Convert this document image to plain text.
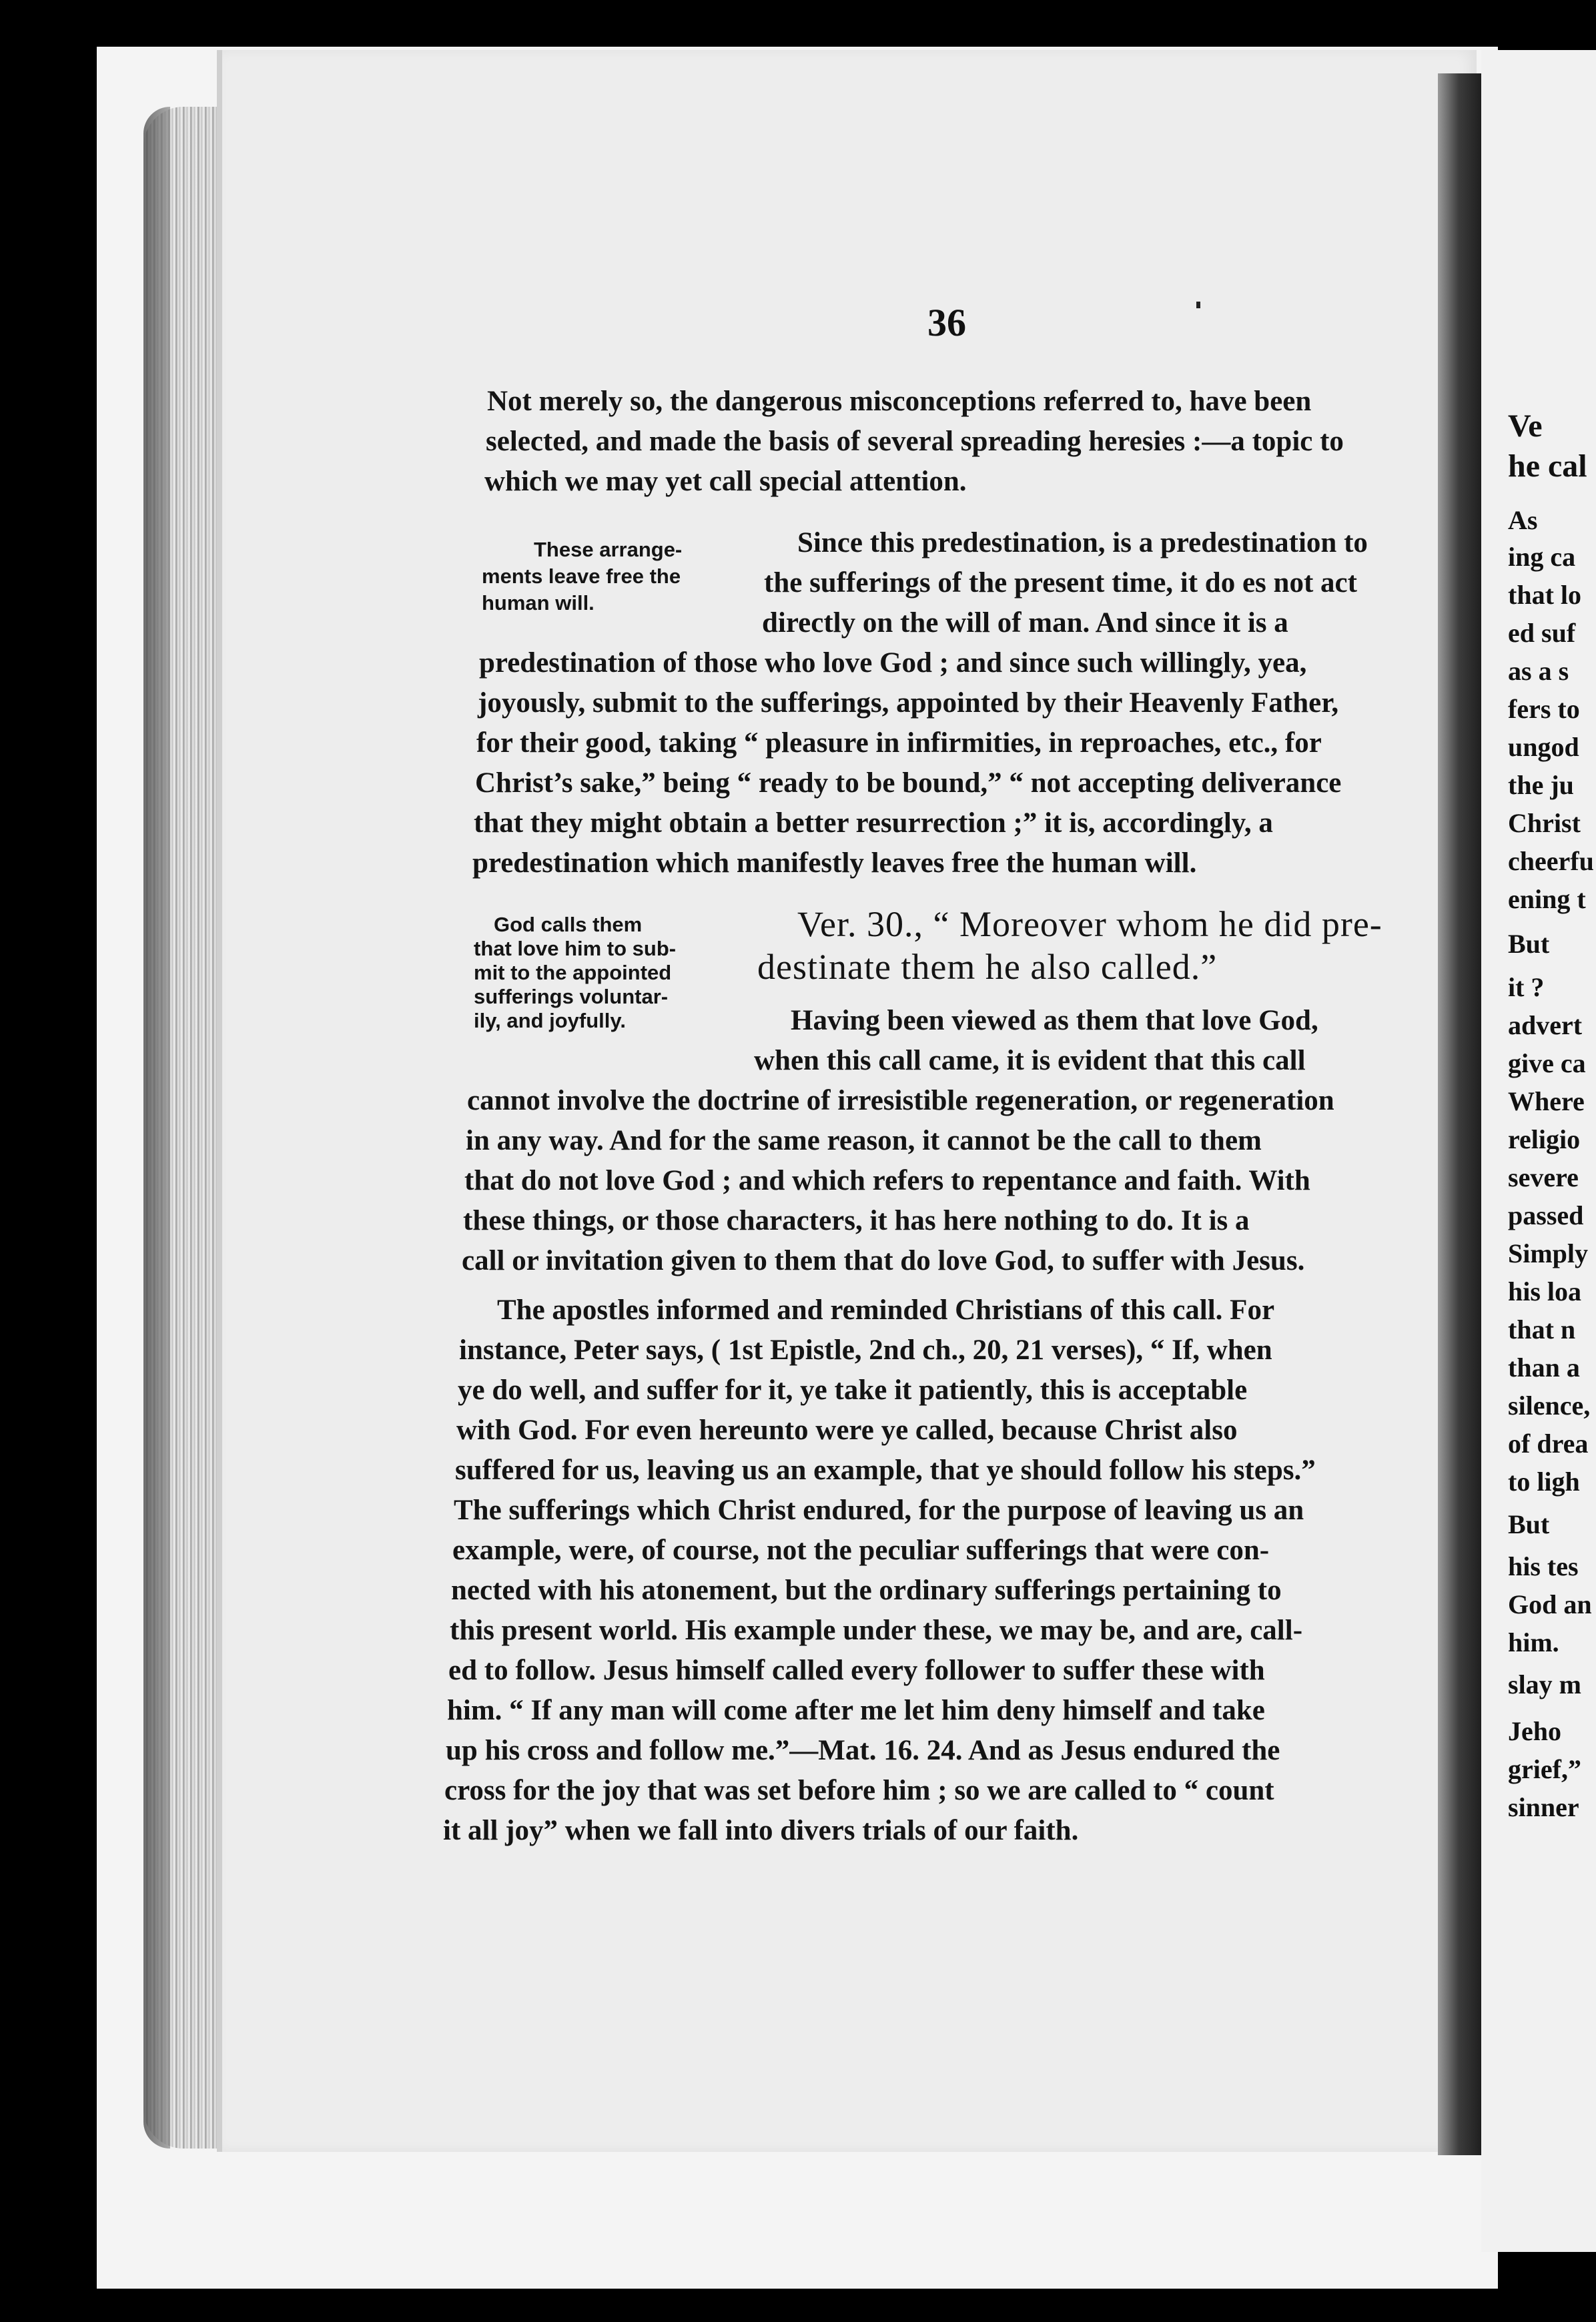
Ve
he cal
As
ing ca
that lo
ed suf
as a s
fers to
ungod
the ju
Christ
cheerfu
ening t
But
it ?
advert
give ca
Where
religio
severe
passed
Simply
his loa
that n
than a
silence,
of drea
to ligh
But
his tes
God an
him.
slay m
Jeho
grief,”
sinner
36
Not merely so, the dangerous misconceptions referred to, have been
selected, and made the basis of several spreading heresies :—a topic to
which we may yet call special attention.
These arrange-
ments leave free the
human will.
Since this predestination, is a predestination to
the sufferings of the present time, it do es not act
directly on the will of man. And since it is a
predestination of those who love God ; and since such willingly, yea,
joyously, submit to the sufferings, appointed by their Heavenly Father,
for their good, taking “ pleasure in infirmities, in reproaches, etc., for
Christ’s sake,” being “ ready to be bound,” “ not accepting deliverance
that they might obtain a better resurrection ;” it is, accordingly, a
predestination which manifestly leaves free the human will.
God calls them
that love him to sub-
mit to the appointed
sufferings voluntar-
ily, and joyfully.
Ver. 30., “ Moreover whom he did pre-
destinate them he also called.”
Having been viewed as them that love God,
when this call came, it is evident that this call
cannot involve the doctrine of irresistible regeneration, or regeneration
in any way. And for the same reason, it cannot be the call to them
that do not love God ; and which refers to repentance and faith. With
these things, or those characters, it has here nothing to do. It is a
call or invitation given to them that do love God, to suffer with Jesus.
The apostles informed and reminded Christians of this call. For
instance, Peter says, ( 1st Epistle, 2nd ch., 20, 21 verses), “ If, when
ye do well, and suffer for it, ye take it patiently, this is acceptable
with God. For even hereunto were ye called, because Christ also
suffered for us, leaving us an example, that ye should follow his steps.”
The sufferings which Christ endured, for the purpose of leaving us an
example, were, of course, not the peculiar sufferings that were con-
nected with his atonement, but the ordinary sufferings pertaining to
this present world. His example under these, we may be, and are, call-
ed to follow. Jesus himself called every follower to suffer these with
him. “ If any man will come after me let him deny himself and take
up his cross and follow me.”—Mat. 16. 24. And as Jesus endured the
cross for the joy that was set before him ; so we are called to “ count
it all joy” when we fall into divers trials of our faith.
